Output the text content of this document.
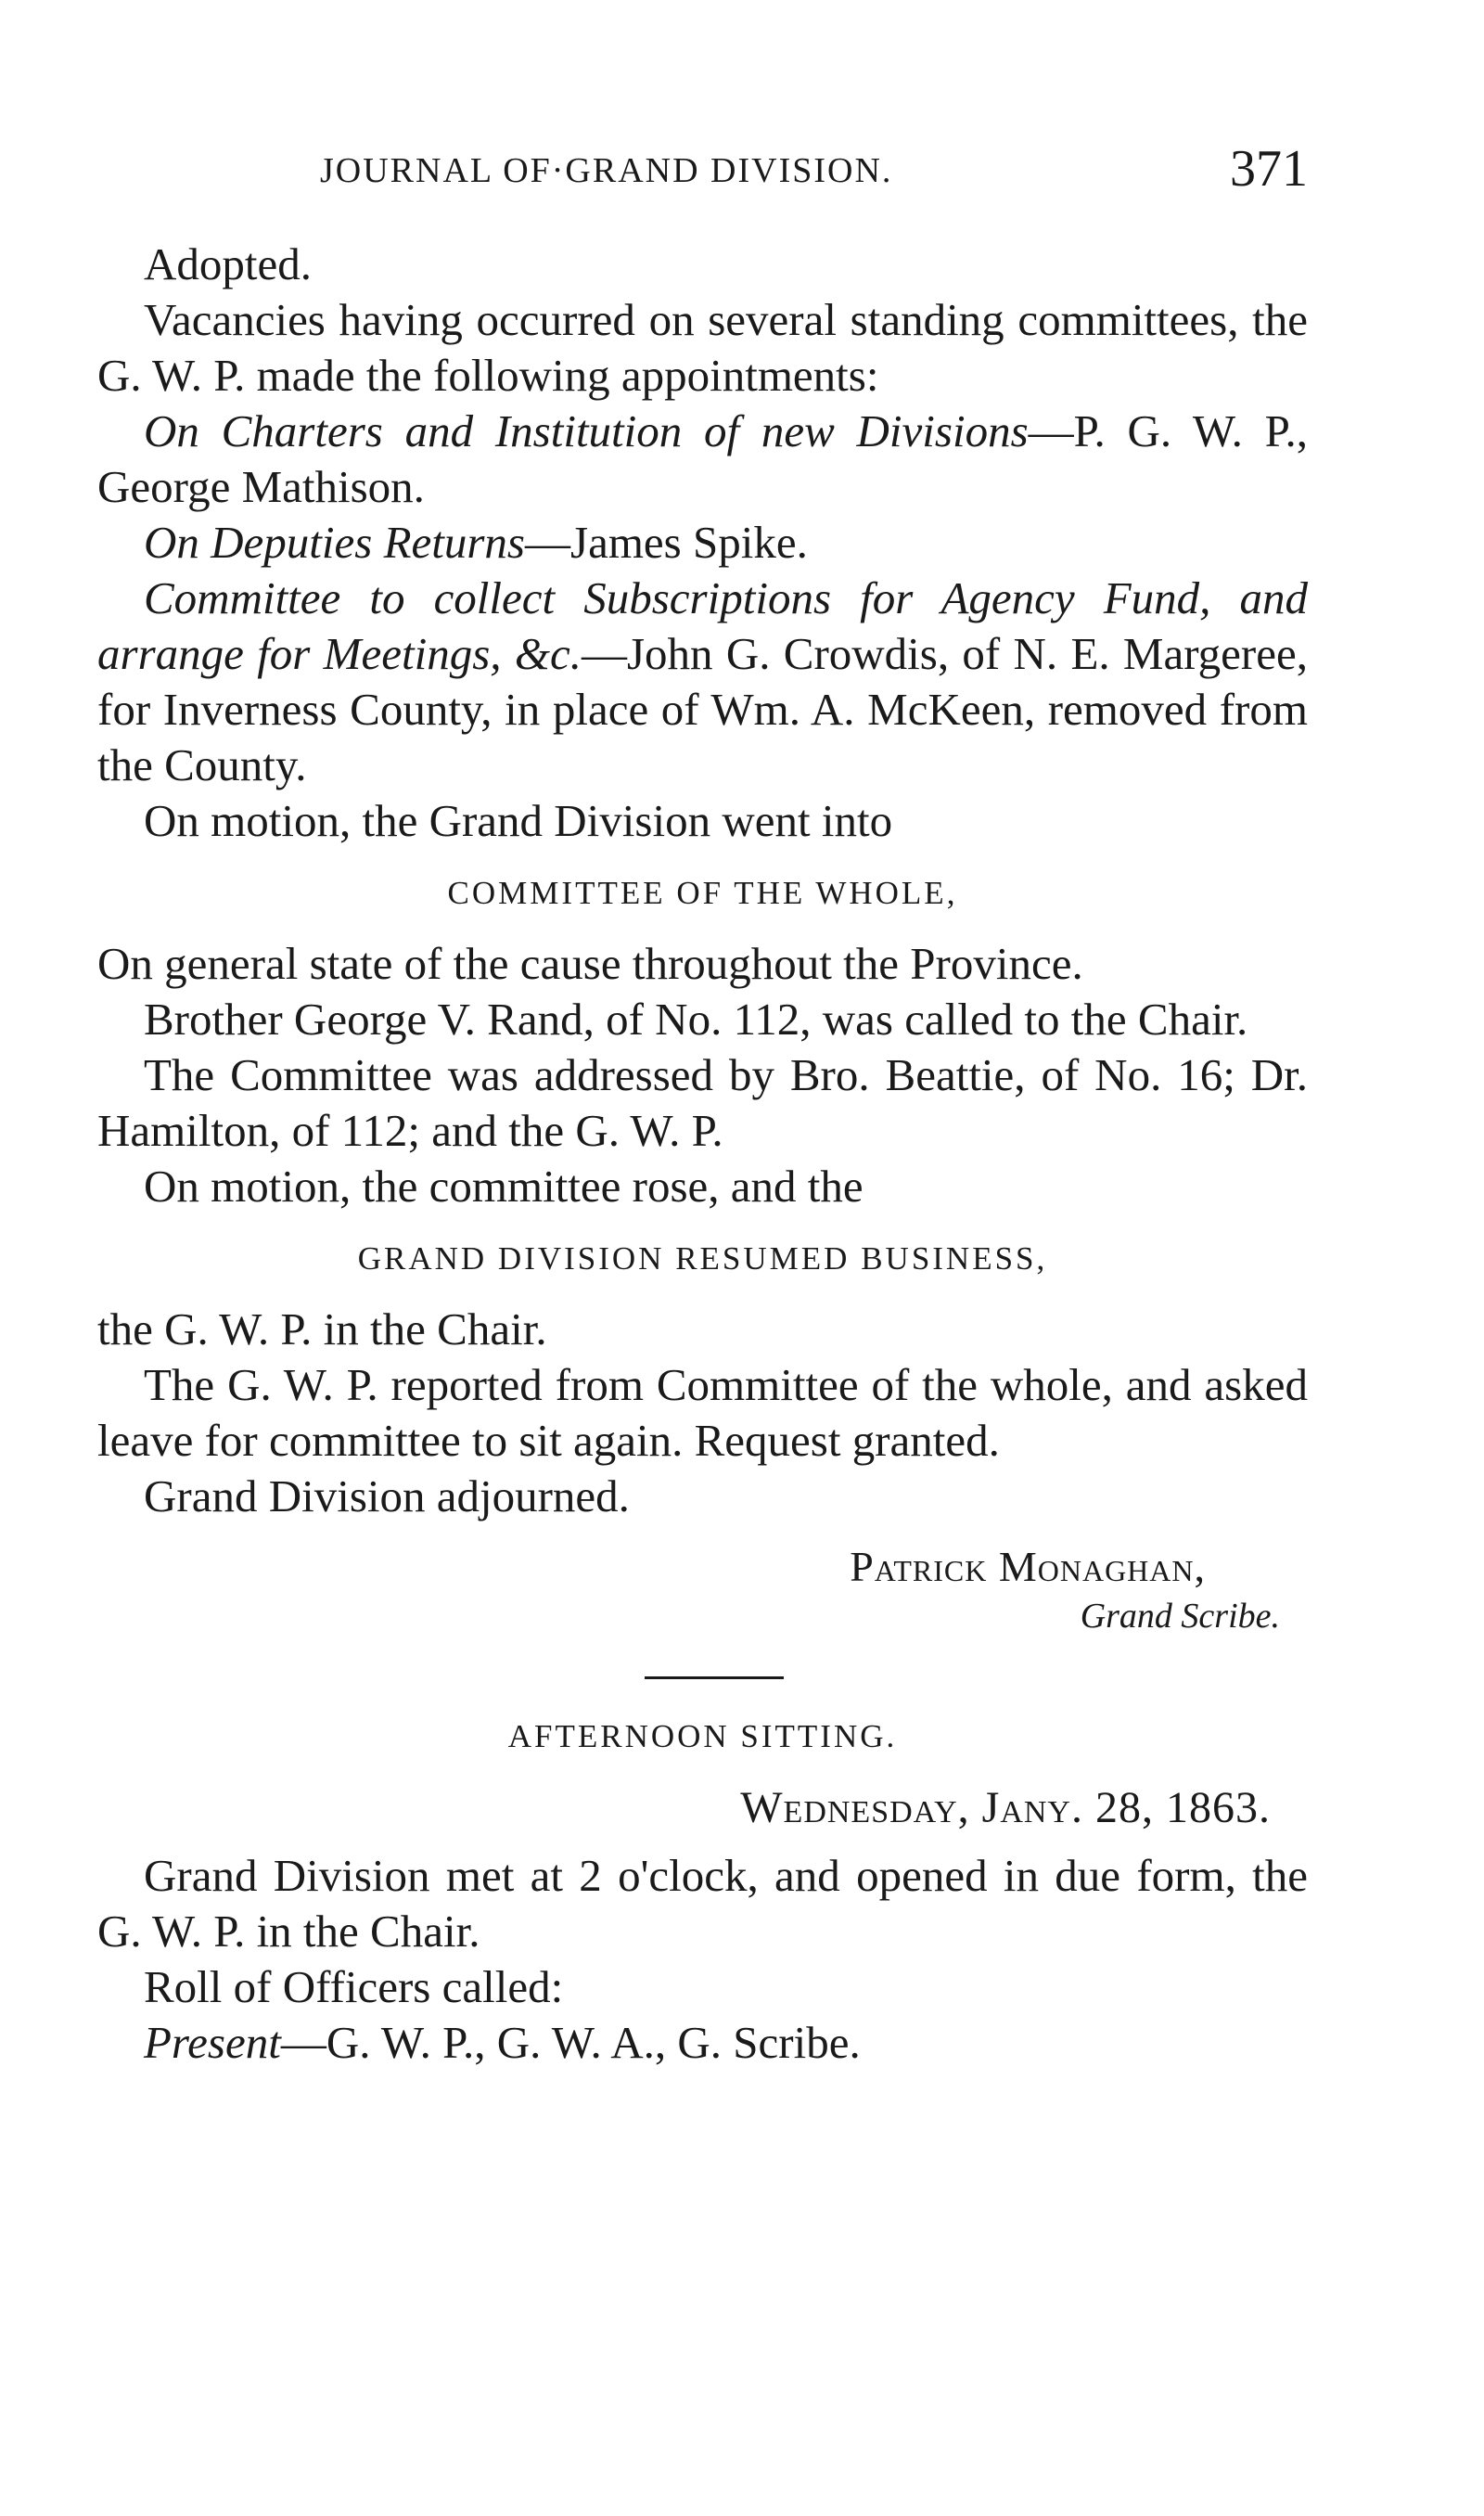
JOURNAL OF·GRAND DIVISION.	371

Adopted.

Vacancies having occurred on several standing committees, the G. W. P. made the following appointments:

On Charters and Institution of new Divisions—P. G. W. P., George Mathison.

On Deputies Returns—James Spike.

Committee to collect Subscriptions for Agency Fund, and arrange for Meetings, &c.—John G. Crowdis, of N. E. Margeree, for Inverness County, in place of Wm. A. McKeen, removed from the County.

On motion, the Grand Division went into

COMMITTEE OF THE WHOLE,

On general state of the cause throughout the Province.

Brother George V. Rand, of No. 112, was called to the Chair.

The Committee was addressed by Bro. Beattie, of No. 16; Dr. Hamilton, of 112; and the G. W. P.

On motion, the committee rose, and the

GRAND DIVISION RESUMED BUSINESS,

the G. W. P. in the Chair.

The G. W. P. reported from Committee of the whole, and asked leave for committee to sit again. Request granted.

Grand Division adjourned.

Patrick Monaghan,
Grand Scribe.
AFTERNOON SITTING.
Wednesday, Jany. 28, 1863.

Grand Division met at 2 o'clock, and opened in due form, the G. W. P. in the Chair.

Roll of Officers called:

Present—G. W. P., G. W. A., G. Scribe.
